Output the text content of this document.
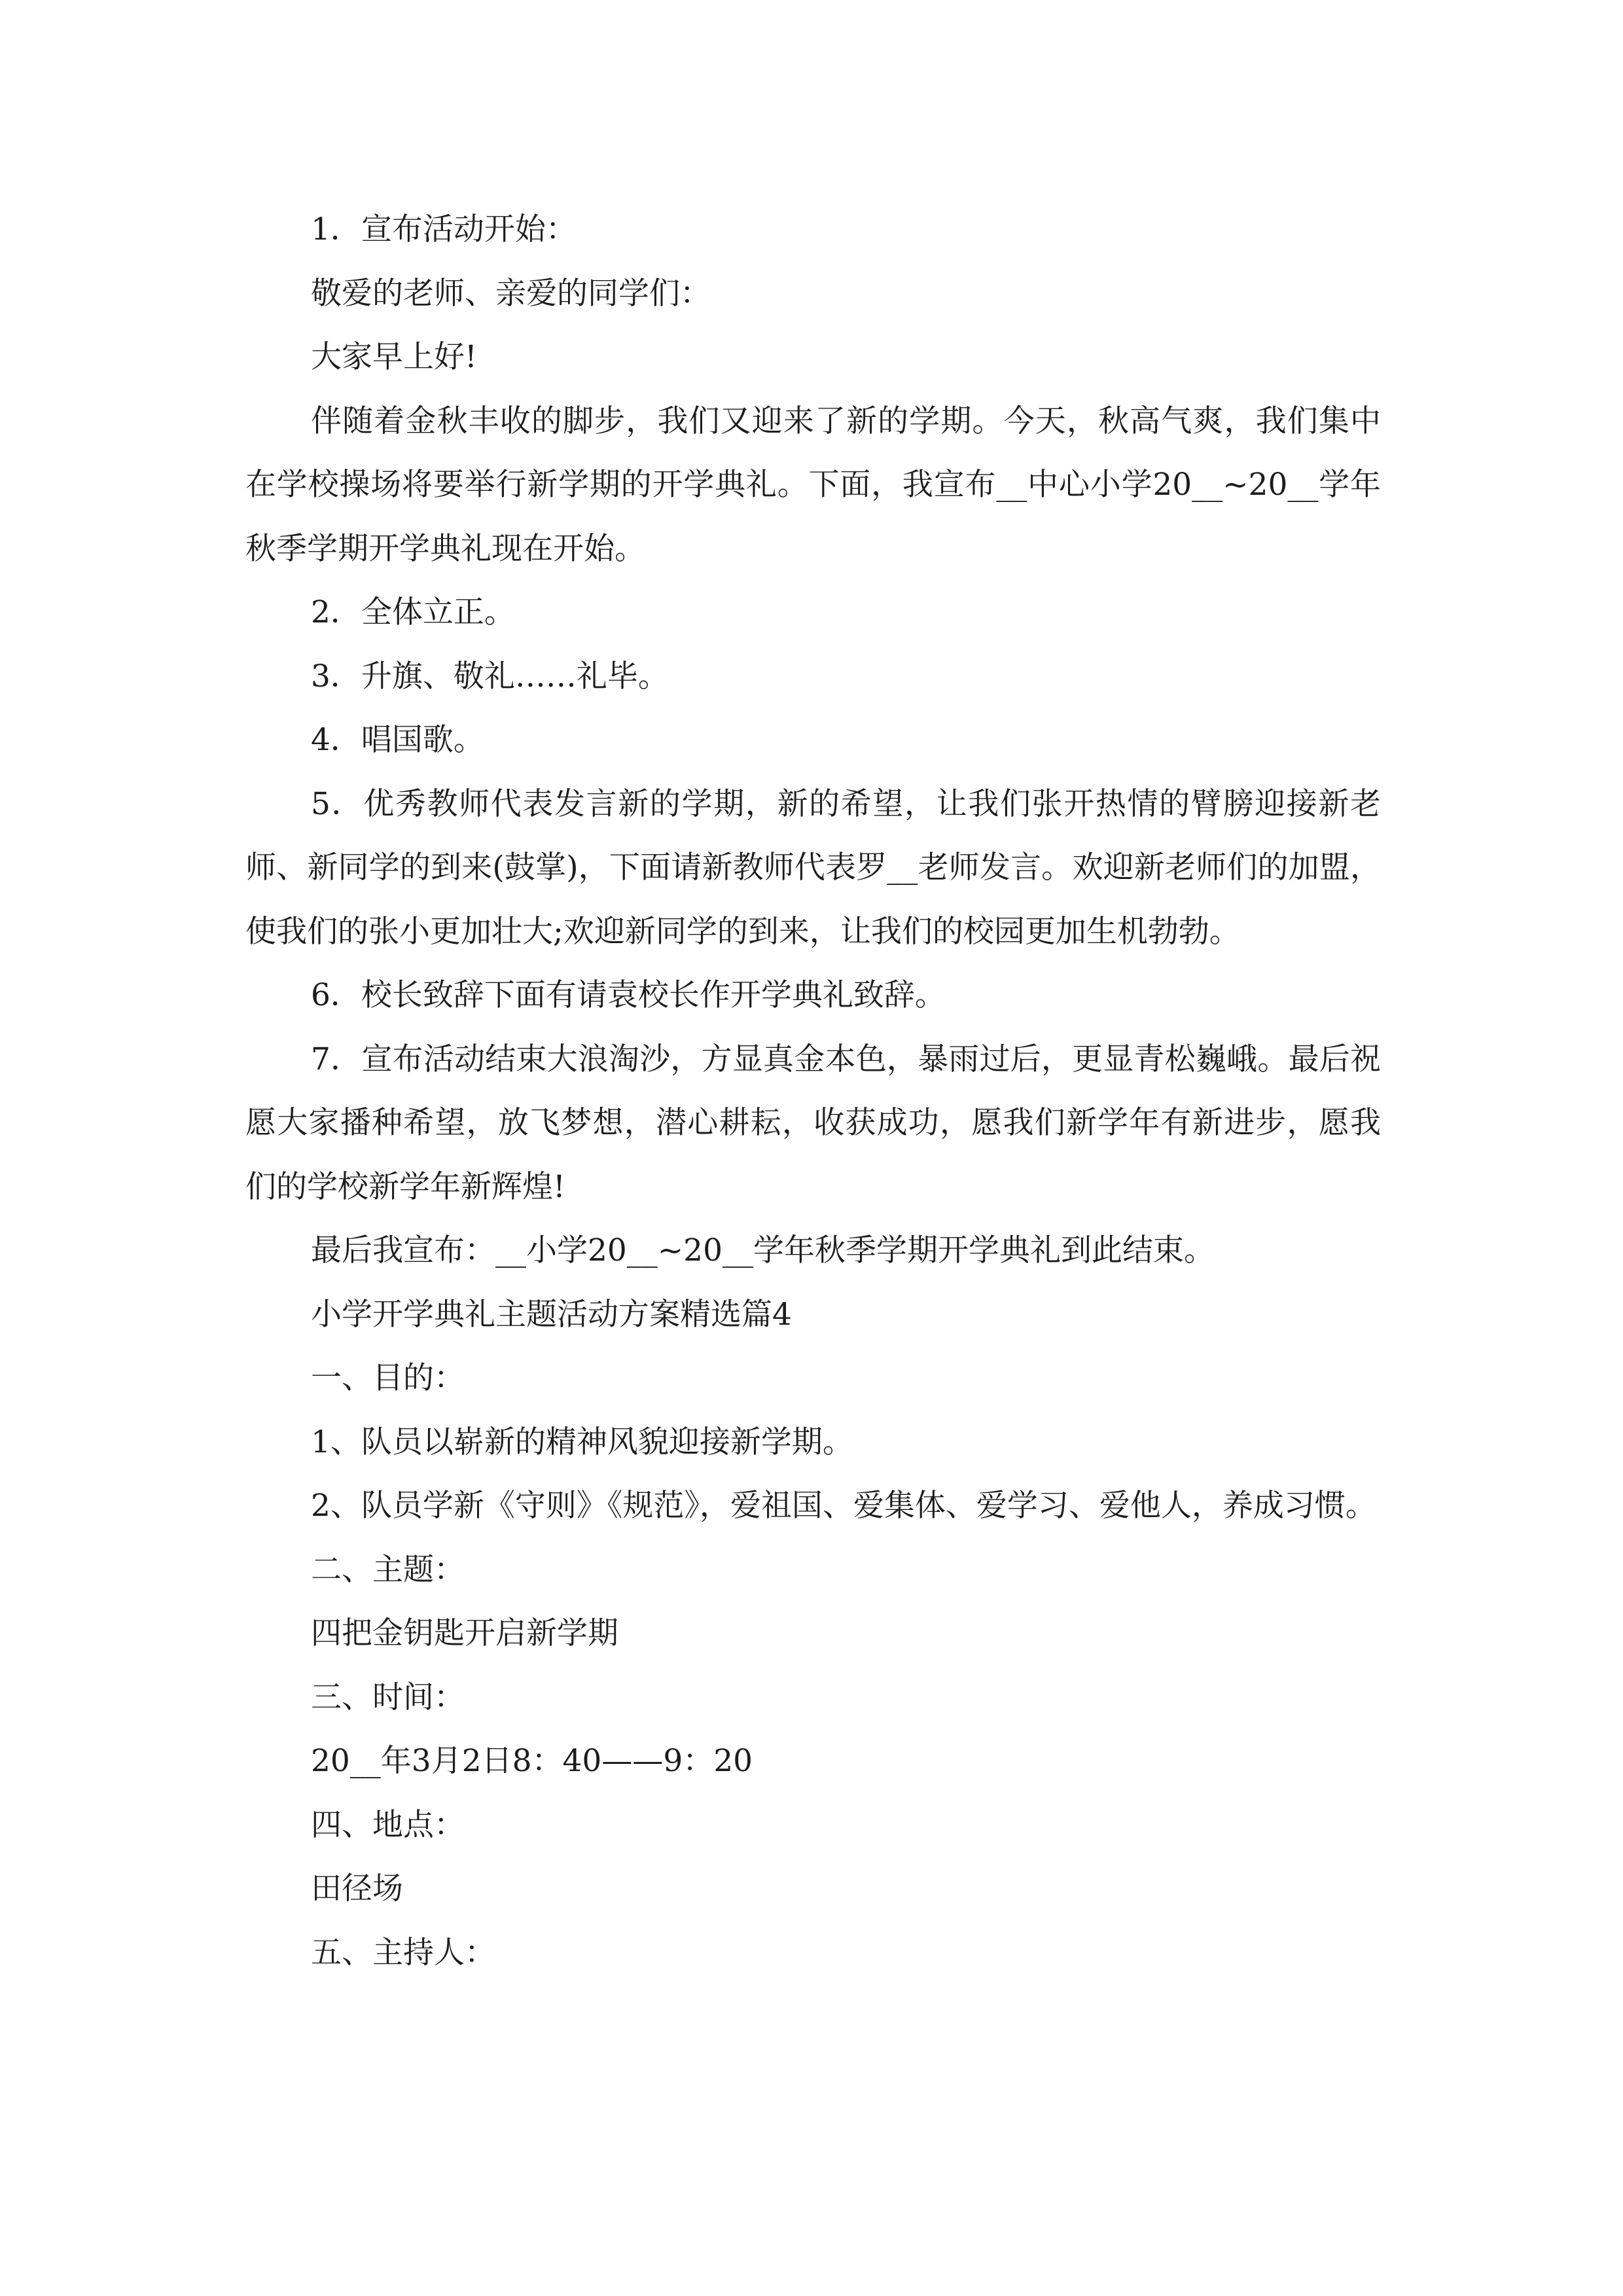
1．宣布活动开始：

敬爱的老师、亲爱的同学们：

大家早上好!

伴随着金秋丰收的脚步，我们又迎来了新的学期。今天，秋高气爽，我们集中在学校操场将要举行新学期的开学典礼。下面，我宣布__中心小学20__~20__学年秋季学期开学典礼现在开始。

2．全体立正。

3．升旗、敬礼……礼毕。

4．唱国歌。

5．优秀教师代表发言新的学期，新的希望，让我们张开热情的臂膀迎接新老师、新同学的到来(鼓掌)，下面请新教师代表罗__老师发言。欢迎新老师们的加盟，使我们的张小更加壮大;欢迎新同学的到来，让我们的校园更加生机勃勃。

6．校长致辞下面有请袁校长作开学典礼致辞。

7．宣布活动结束大浪淘沙，方显真金本色，暴雨过后，更显青松巍峨。最后祝愿大家播种希望，放飞梦想，潜心耕耘，收获成功，愿我们新学年有新进步，愿我们的学校新学年新辉煌!

最后我宣布：__小学20__~20__学年秋季学期开学典礼到此结束。

小学开学典礼主题活动方案精选篇4

一、目的：

1、队员以崭新的精神风貌迎接新学期。

2、队员学新《守则》《规范》，爱祖国、爱集体、爱学习、爱他人，养成习惯。

二、主题：

四把金钥匙开启新学期

三、时间：

20__年3月2日8：40——9：20

四、地点：

田径场

五、主持人：
